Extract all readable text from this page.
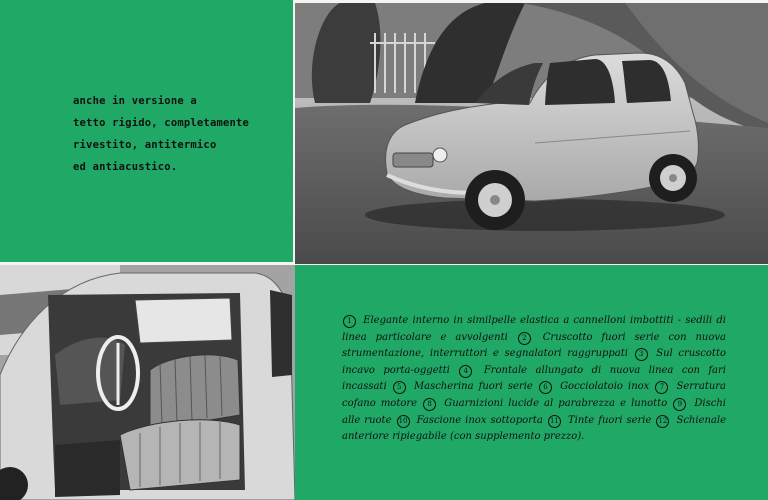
anche in versione a
tetto rigido, completamente
rivestito, antitermico
ed antiacustico.

1 Elegante interno in similpelle elastica a cannelloni imbottiti - sedili di linea particolare e avvolgenti 2 Cruscotto fuori serie con nuova strumentazione, interruttori e segnalatori raggruppati 3 Sul cruscotto incavo porta-oggetti 4 Frontale allungato di nuova linea con fari incassati 5 Mascherina fuori serie 6 Gocciolatoio inox 7 Serratura cofano motore 8 Guarnizioni lucide al parabrezza e lunotto 9 Dischi alle ruote 10 Fascione inox sottoporta 11 Tinte fuori serie 12 Schienale anteriore ripiegabile (con supplemento prezzo).
